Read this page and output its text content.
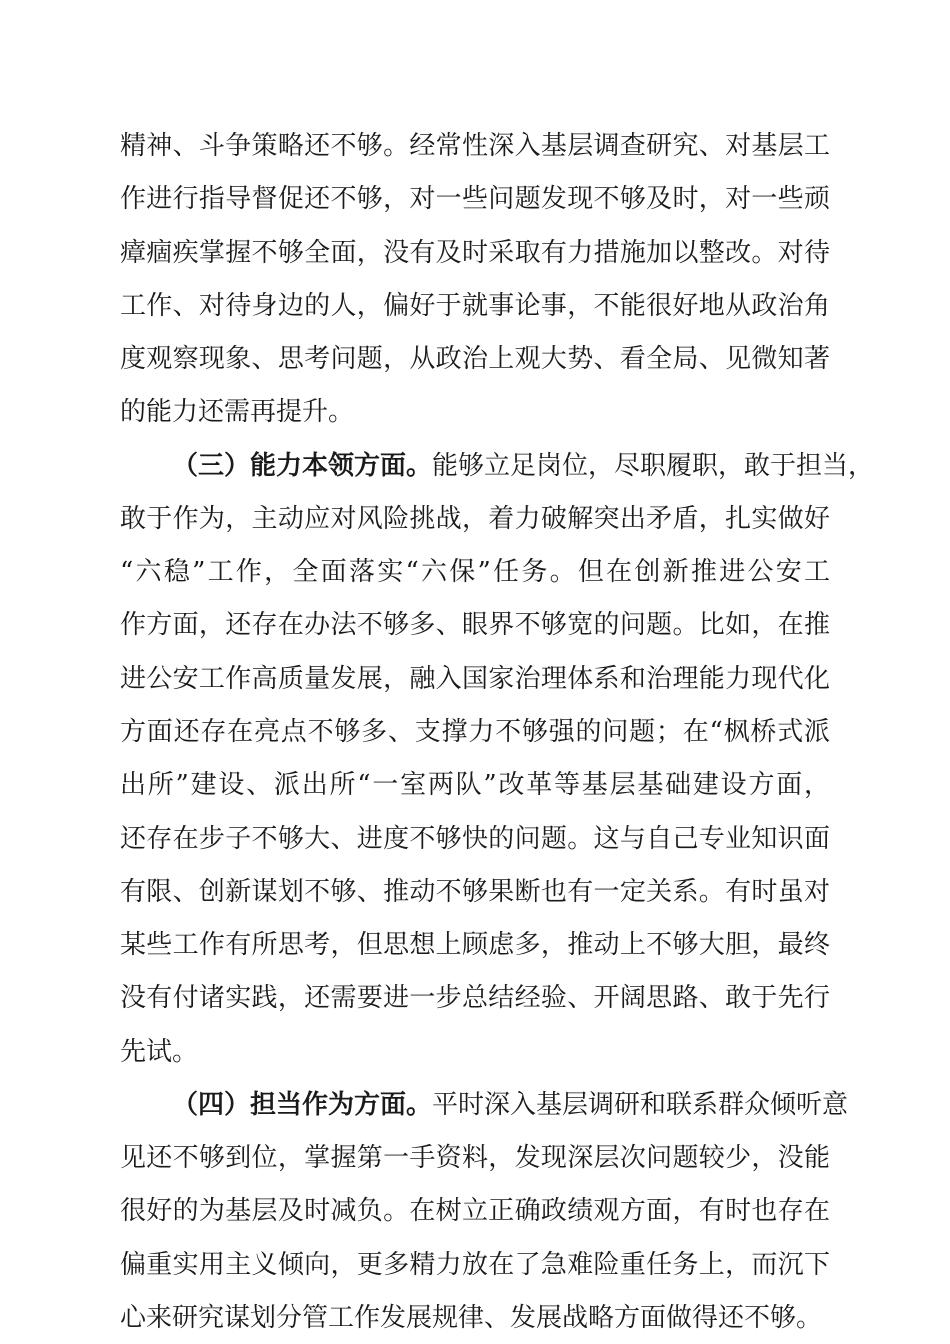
精神、斗争策略还不够。经常性深入基层调查研究、对基层工
作进行指导督促还不够，对一些问题发现不够及时，对一些顽
瘴痼疾掌握不够全面，没有及时采取有力措施加以整改。对待
工作、对待身边的人，偏好于就事论事，不能很好地从政治角
度观察现象、思考问题，从政治上观大势、看全局、见微知著
的能力还需再提升。
（三）能力本领方面。能够立足岗位，尽职履职，敢于担当，
敢于作为，主动应对风险挑战，着力破解突出矛盾，扎实做好
“六稳”工作，全面落实“六保”任务。但在创新推进公安工
作方面，还存在办法不够多、眼界不够宽的问题。比如，在推
进公安工作高质量发展，融入国家治理体系和治理能力现代化
方面还存在亮点不够多、支撑力不够强的问题；在“枫桥式派
出所”建设、派出所“一室两队”改革等基层基础建设方面，
还存在步子不够大、进度不够快的问题。这与自己专业知识面
有限、创新谋划不够、推动不够果断也有一定关系。有时虽对
某些工作有所思考，但思想上顾虑多，推动上不够大胆，最终
没有付诸实践，还需要进一步总结经验、开阔思路、敢于先行
先试。
（四）担当作为方面。平时深入基层调研和联系群众倾听意
见还不够到位，掌握第一手资料，发现深层次问题较少，没能
很好的为基层及时减负。在树立正确政绩观方面，有时也存在
偏重实用主义倾向，更多精力放在了急难险重任务上，而沉下
心来研究谋划分管工作发展规律、发展战略方面做得还不够。
